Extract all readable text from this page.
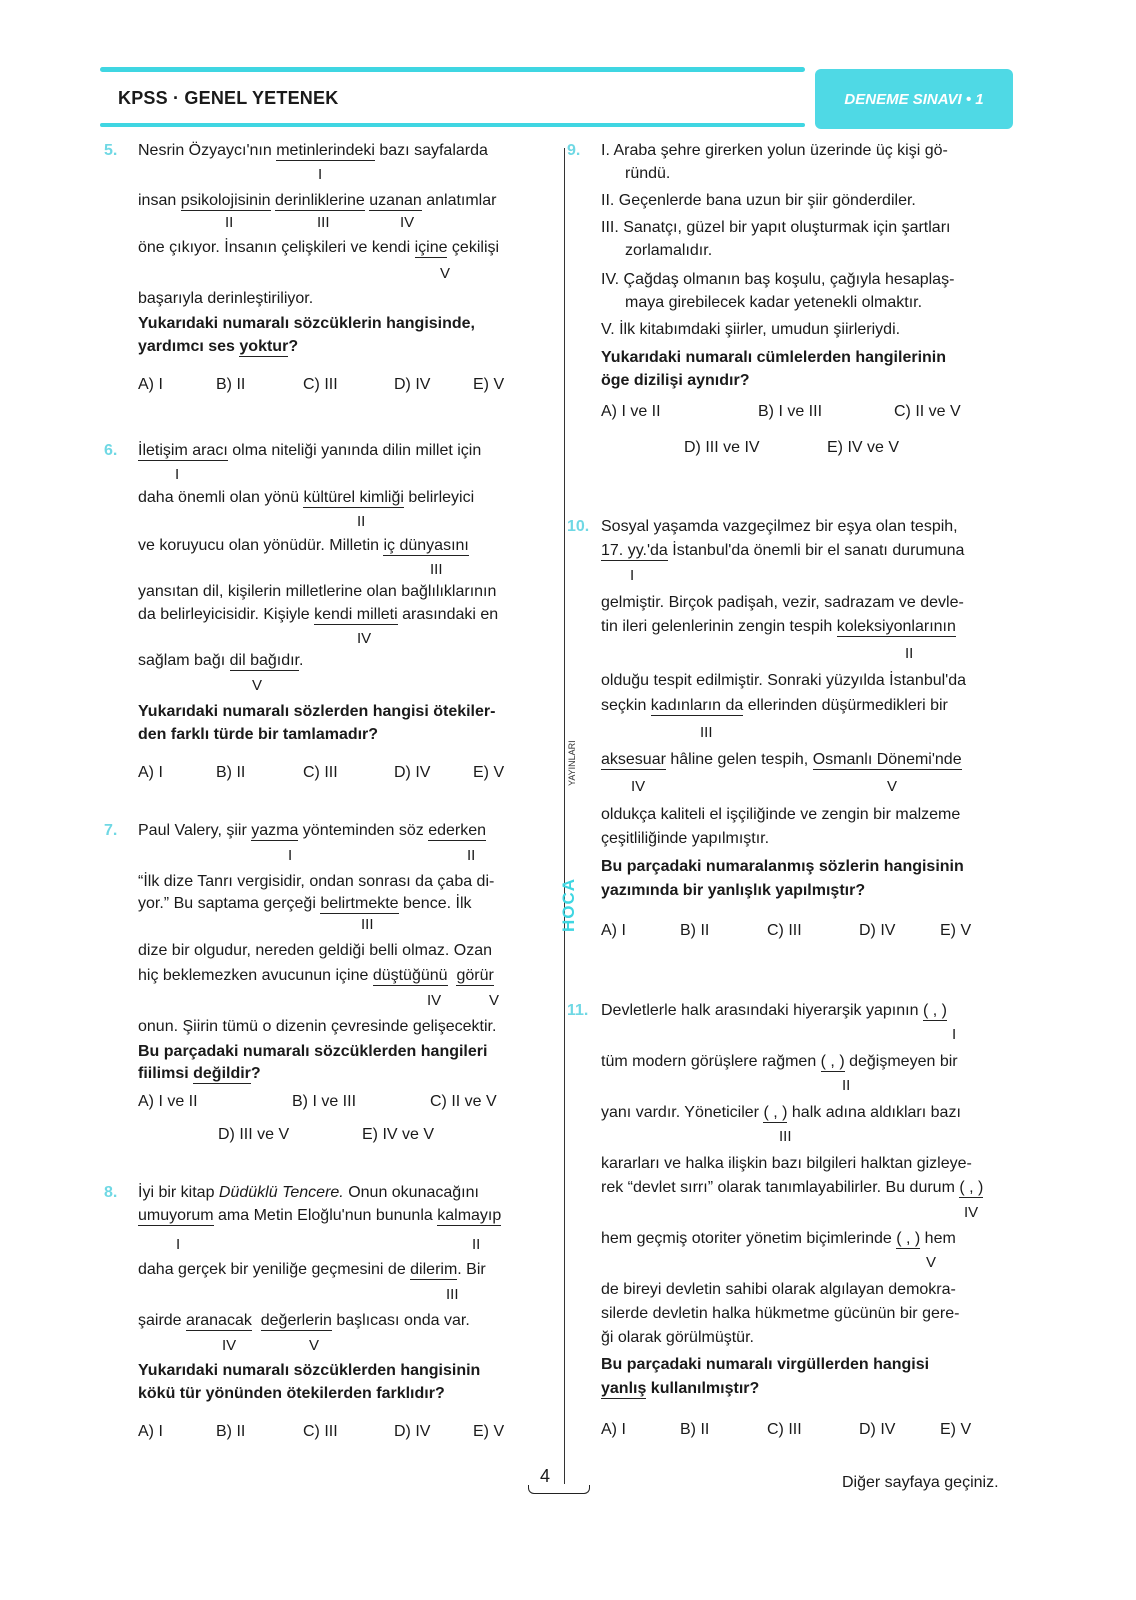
KPSS · GENEL YETENEK	DENEME SINAVI • 1
HOCA
YAYINLARI
5. Nesrin Özyaycı'nın metinlerindeki bazı sayfalarda
I
insan psikolojisinin derinliklerine uzanan anlatımlar
II	III	IV
öne çıkıyor. İnsanın çelişkileri ve kendi içine çekilişi
V
başarıyla derinleştiriliyor.
Yukarıdaki numaralı sözcüklerin hangisinde,
yardımcı ses yoktur?
A) I	B) II	C) III	D) IV	E) V
6. İletişim aracı olma niteliği yanında dilin millet için
I
daha önemli olan yönü kültürel kimliği belirleyici
II
ve koruyucu olan yönüdür. Milletin iç dünyasını
III
yansıtan dil, kişilerin milletlerine olan bağlılıklarının
da belirleyicisidir. Kişiyle kendi milleti arasındaki en
IV
sağlam bağı dil bağıdır.
V
Yukarıdaki numaralı sözlerden hangisi ötekiler-
den farklı türde bir tamlamadır?
A) I	B) II	C) III	D) IV	E) V
7. Paul Valery, şiir yazma yönteminden söz ederken
I	II
“İlk dize Tanrı vergisidir, ondan sonrası da çaba di-
yor.” Bu saptama gerçeği belirtmekte bence. İlk
III
dize bir olgudur, nereden geldiği belli olmaz. Ozan
hiç beklemezken avucunun içine düştüğünü görür
IV	V
onun. Şiirin tümü o dizenin çevresinde gelişecektir.
Bu parçadaki numaralı sözcüklerden hangileri
fiilimsi değildir?
A) I ve II	B) I ve III	C) II ve V
D) III ve V	E) IV ve V
8. İyi bir kitap Düdüklü Tencere. Onun okunacağını
umuyorum ama Metin Eloğlu'nun bununla kalmayıp
I	II
daha gerçek bir yeniliğe geçmesini de dilerim. Bir
III
şairde aranacak değerlerin başlıcası onda var.
IV	V
Yukarıdaki numaralı sözcüklerden hangisinin
kökü tür yönünden ötekilerden farklıdır?
A) I	B) II	C) III	D) IV	E) V
9. I. Araba şehre girerken yolun üzerinde üç kişi gö-
ründü.
II. Geçenlerde bana uzun bir şiir gönderdiler.
III. Sanatçı, güzel bir yapıt oluşturmak için şartları
zorlamalıdır.
IV. Çağdaş olmanın baş koşulu, çağıyla hesaplaş-
maya girebilecek kadar yetenekli olmaktır.
V. İlk kitabımdaki şiirler, umudun şiirleriydi.
Yukarıdaki numaralı cümlelerden hangilerinin
öge dizilişi aynıdır?
A) I ve II	B) I ve III	C) II ve V
D) III ve IV	E) IV ve V
10. Sosyal yaşamda vazgeçilmez bir eşya olan tespih,
17. yy.'da İstanbul'da önemli bir el sanatı durumuna
I
gelmiştir. Birçok padişah, vezir, sadrazam ve devle-
tin ileri gelenlerinin zengin tespih koleksiyonlarının
II
olduğu tespit edilmiştir. Sonraki yüzyılda İstanbul'da
seçkin kadınların da ellerinden düşürmedikleri bir
III
aksesuar hâline gelen tespih, Osmanlı Dönemi'nde
IV	V
oldukça kaliteli el işçiliğinde ve zengin bir malzeme
çeşitliliğinde yapılmıştır.
Bu parçadaki numaralanmış sözlerin hangisinin
yazımında bir yanlışlık yapılmıştır?
A) I	B) II	C) III	D) IV	E) V
11. Devletlerle halk arasındaki hiyerarşik yapının ( , )
I
tüm modern görüşlere rağmen ( , ) değişmeyen bir
II
yanı vardır. Yöneticiler ( , ) halk adına aldıkları bazı
III
kararları ve halka ilişkin bazı bilgileri halktan gizleye-
rek “devlet sırrı” olarak tanımlayabilirler. Bu durum ( , )
IV
hem geçmiş otoriter yönetim biçimlerinde ( , ) hem
V
de bireyi devletin sahibi olarak algılayan demokra-
silerde devletin halka hükmetme gücünün bir gere-
ği olarak görülmüştür.
Bu parçadaki numaralı virgüllerden hangisi
yanlış kullanılmıştır?
A) I	B) II	C) III	D) IV	E) V
4	Diğer sayfaya geçiniz.
